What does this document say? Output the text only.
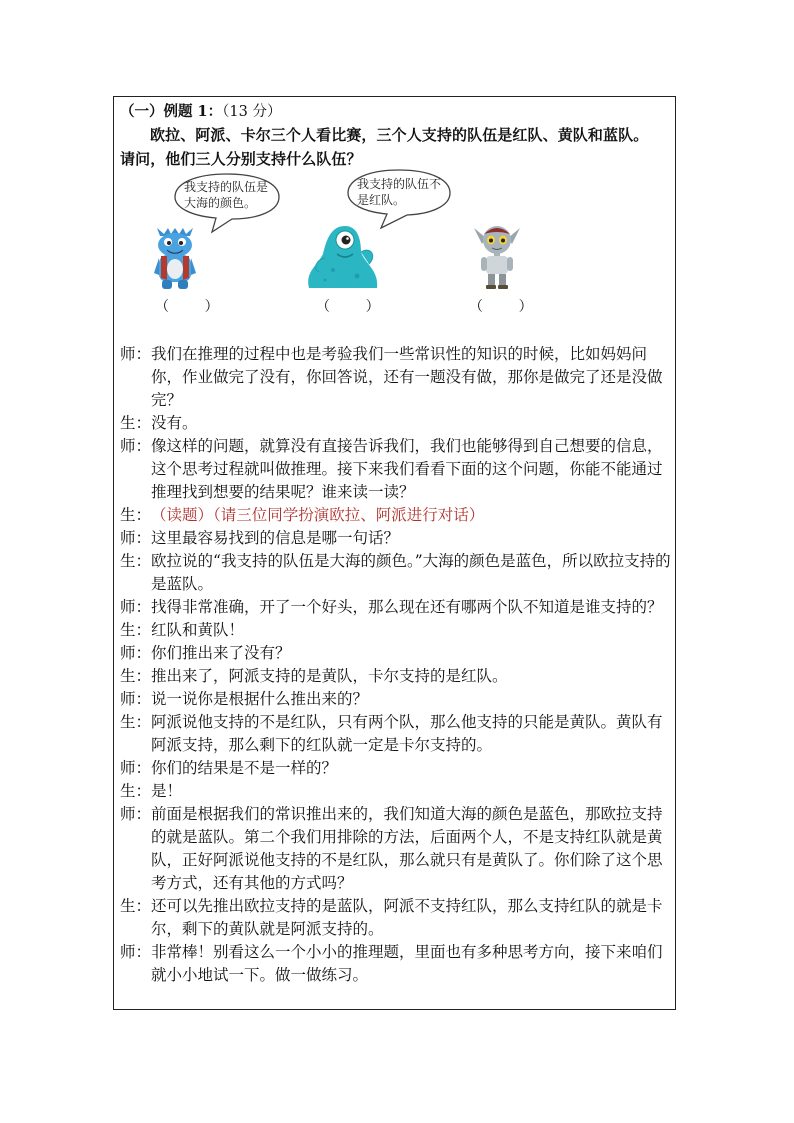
（一）例题 1：（13 分）
欧拉、阿派、卡尔三个人看比赛，三个人支持的队伍是红队、黄队和蓝队。
请问，他们三人分别支持什么队伍？
我支持的队伍是
大海的颜色。
我支持的队伍不
是红队。
（        ）	（        ）	（        ）
师： 我们在推理的过程中也是考验我们一些常识性的知识的时候，比如妈妈问你，作业做完了没有，你回答说，还有一题没有做，那你是做完了还是没做完？
生： 没有。
师： 像这样的问题，就算没有直接告诉我们，我们也能够得到自己想要的信息，这个思考过程就叫做推理。接下来我们看看下面的这个问题，你能不能通过推理找到想要的结果呢？谁来读一读？
生： （读题）（请三位同学扮演欧拉、阿派进行对话）
师： 这里最容易找到的信息是哪一句话？
生： 欧拉说的“我支持的队伍是大海的颜色。”大海的颜色是蓝色，所以欧拉支持的是蓝队。
师： 找得非常准确，开了一个好头，那么现在还有哪两个队不知道是谁支持的？
生： 红队和黄队！
师： 你们推出来了没有？
生： 推出来了，阿派支持的是黄队，卡尔支持的是红队。
师： 说一说你是根据什么推出来的？
生： 阿派说他支持的不是红队，只有两个队，那么他支持的只能是黄队。黄队有阿派支持，那么剩下的红队就一定是卡尔支持的。
师： 你们的结果是不是一样的？
生： 是！
师： 前面是根据我们的常识推出来的，我们知道大海的颜色是蓝色，那欧拉支持的就是蓝队。第二个我们用排除的方法，后面两个人，不是支持红队就是黄队，正好阿派说他支持的不是红队，那么就只有是黄队了。你们除了这个思考方式，还有其他的方式吗？
生： 还可以先推出欧拉支持的是蓝队，阿派不支持红队，那么支持红队的就是卡尔，剩下的黄队就是阿派支持的。
师： 非常棒！别看这么一个小小的推理题，里面也有多种思考方向，接下来咱们就小小地试一下。做一做练习。
